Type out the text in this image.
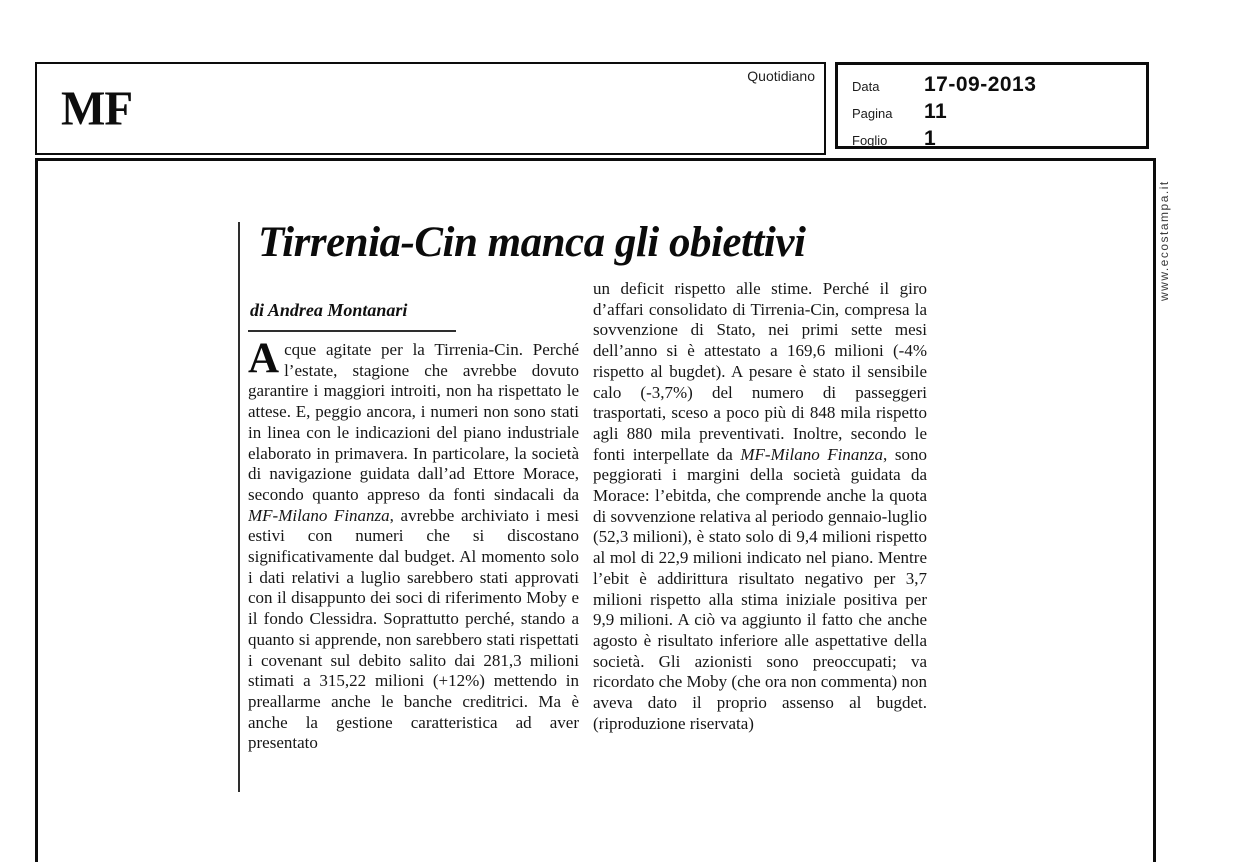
MF
Quotidiano
Data	17-09-2013
Pagina	11
Foglio	1
www.ecostampa.it
Tirrenia-Cin manca gli obiettivi
di Andrea Montanari
Acque agitate per la Tirrenia-Cin. Perché l’estate, stagione che avrebbe dovuto garantire i maggiori introiti, non ha rispettato le attese. E, peggio ancora, i numeri non sono stati in linea con le indicazioni del piano industriale elaborato in primavera. In particolare, la società di navigazione guidata dall’ad Ettore Morace, secondo quanto appreso da fonti sindacali da MF-Milano Finanza, avrebbe archiviato i mesi estivi con numeri che si discostano significativamente dal budget. Al momento solo i dati relativi a luglio sarebbero stati approvati con il disappunto dei soci di riferimento Moby e il fondo Clessidra. Soprattutto perché, stando a quanto si apprende, non sarebbero stati rispettati i covenant sul debito salito dai 281,3 milioni stimati a 315,22 milioni (+12%) mettendo in preallarme anche le banche creditrici. Ma è anche la gestione caratteristica ad aver presentato
un deficit rispetto alle stime. Perché il giro d’affari consolidato di Tirrenia-Cin, compresa la sovvenzione di Stato, nei primi sette mesi dell’anno si è attestato a 169,6 milioni (-4% rispetto al bugdet). A pesare è stato il sensibile calo (-3,7%) del numero di passeggeri trasportati, sceso a poco più di 848 mila rispetto agli 880 mila preventivati. Inoltre, secondo le fonti interpellate da MF-Milano Finanza, sono peggiorati i margini della società guidata da Morace: l’ebitda, che comprende anche la quota di sovvenzione relativa al periodo gennaio-luglio (52,3 milioni), è stato solo di 9,4 milioni rispetto al mol di 22,9 milioni indicato nel piano. Mentre l’ebit è addirittura risultato negativo per 3,7 milioni rispetto alla stima iniziale positiva per 9,9 milioni. A ciò va aggiunto il fatto che anche agosto è risultato inferiore alle aspettative della società. Gli azionisti sono preoccupati; va ricordato che Moby (che ora non commenta) non aveva dato il proprio assenso al bugdet. (riproduzione riservata)
